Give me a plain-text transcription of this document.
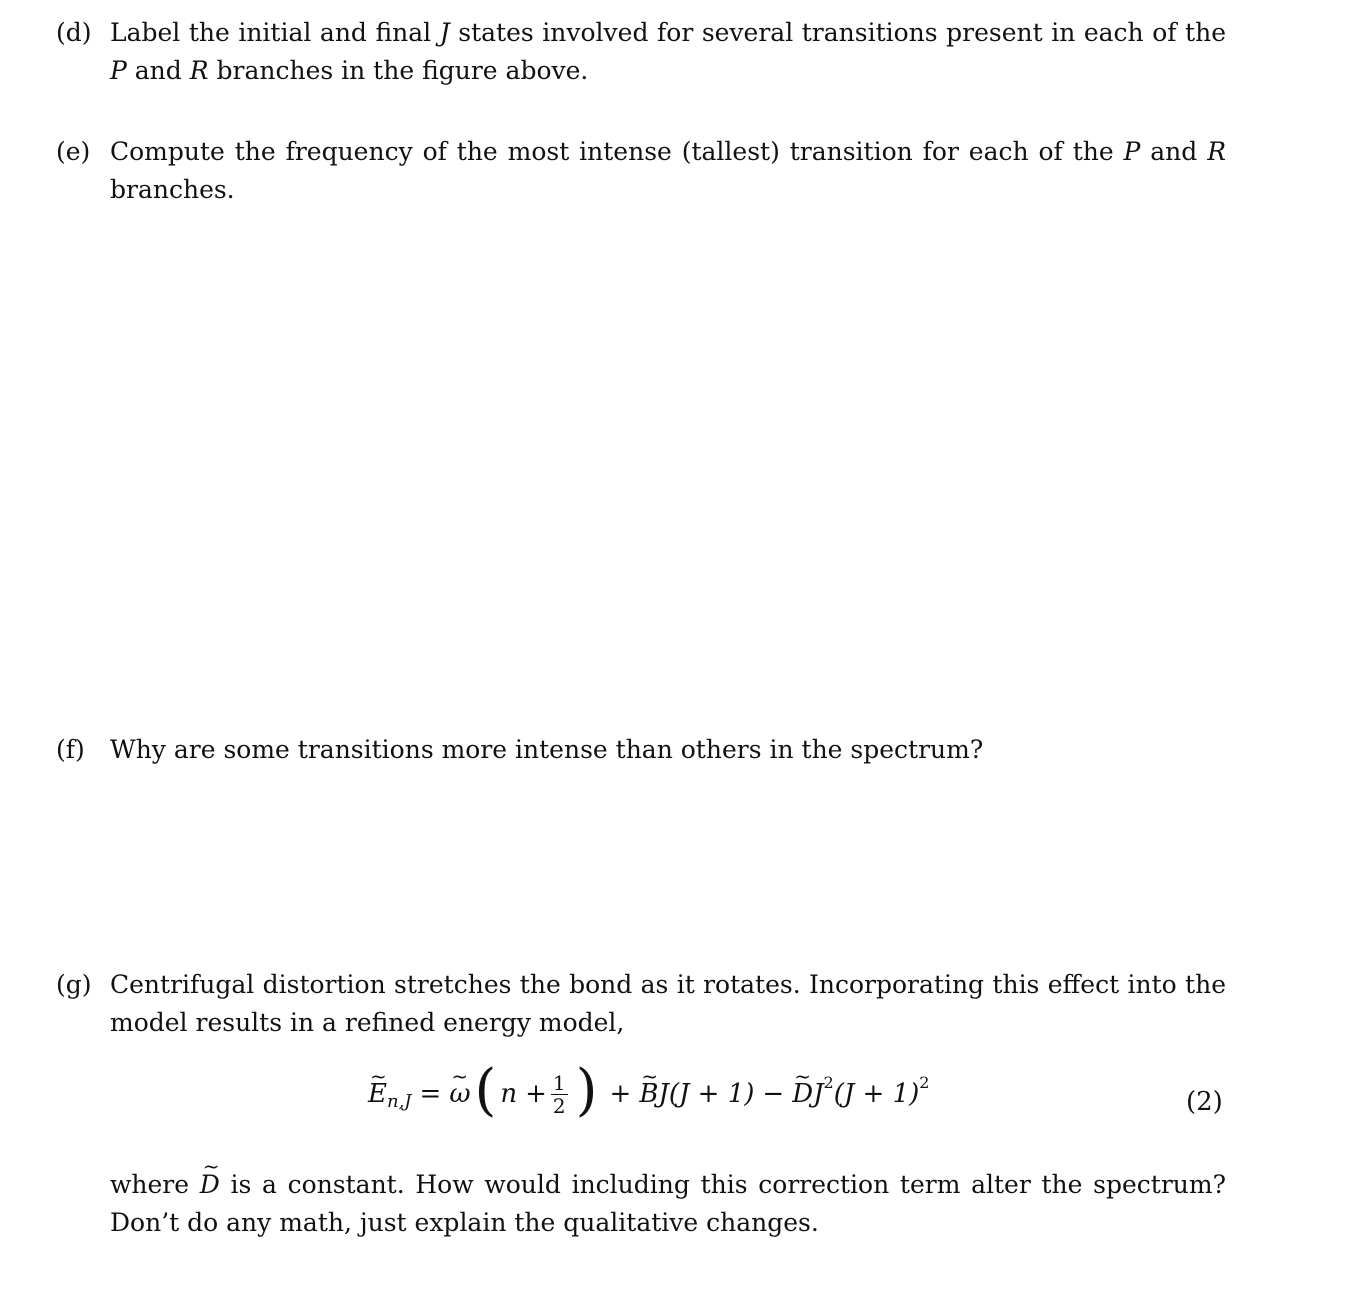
(d) Label the initial and final J states involved for several transitions present in each of the P and R branches in the figure above.
(e) Compute the frequency of the most intense (tallest) transition for each of the P and R branches.
(f)	Why are some transitions more intense than others in the spectrum?
(g) Centrifugal distortion stretches the bond as it rotates. Incorporating this effect into the model results in a refined energy model,
~ E n,J = ~ ω ( $n + \frac{1}{2}$ ) + ~ B J(J + 1) − ~ D J 2 (J + 1) 2
(2)
where ~ D is a constant. How would including this correction term alter the spectrum? Don’t do any math, just explain the qualitative changes.
